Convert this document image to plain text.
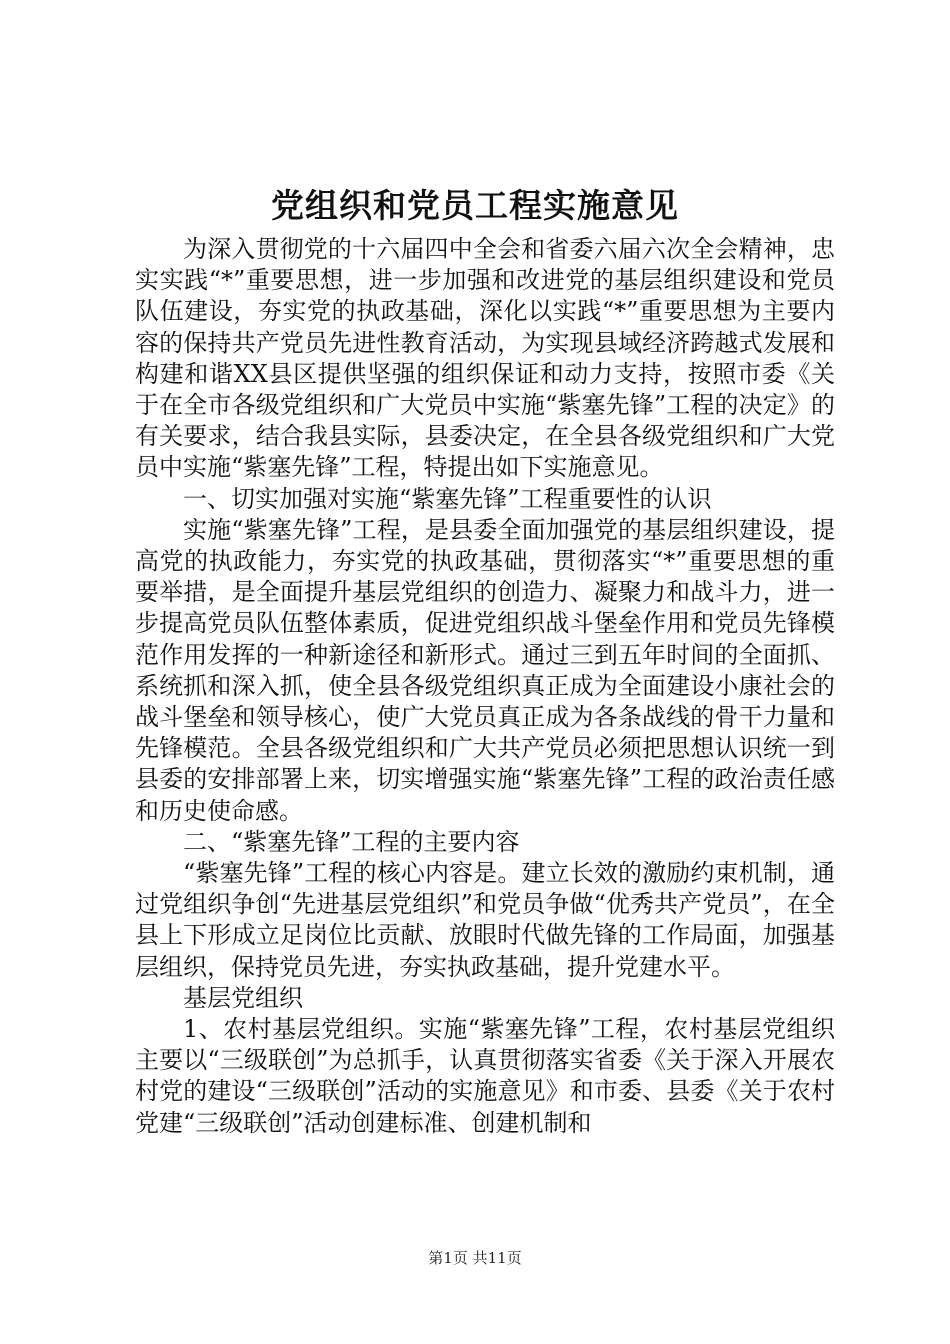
党组织和党员工程实施意见

为深入贯彻党的十六届四中全会和省委六届六次全会精神，忠实实践“*”重要思想，进一步加强和改进党的基层组织建设和党员队伍建设，夯实党的执政基础，深化以实践“*”重要思想为主要内容的保持共产党员先进性教育活动，为实现县域经济跨越式发展和构建和谐XX县区提供坚强的组织保证和动力支持，按照市委《关于在全市各级党组织和广大党员中实施“紫塞先锋”工程的决定》的有关要求，结合我县实际，县委决定，在全县各级党组织和广大党员中实施“紫塞先锋”工程，特提出如下实施意见。

一、切实加强对实施“紫塞先锋”工程重要性的认识

实施“紫塞先锋”工程，是县委全面加强党的基层组织建设，提高党的执政能力，夯实党的执政基础，贯彻落实“*”重要思想的重要举措，是全面提升基层党组织的创造力、凝聚力和战斗力，进一步提高党员队伍整体素质，促进党组织战斗堡垒作用和党员先锋模范作用发挥的一种新途径和新形式。通过三到五年时间的全面抓、系统抓和深入抓，使全县各级党组织真正成为全面建设小康社会的战斗堡垒和领导核心，使广大党员真正成为各条战线的骨干力量和先锋模范。全县各级党组织和广大共产党员必须把思想认识统一到县委的安排部署上来，切实增强实施“紫塞先锋”工程的政治责任感和历史使命感。

二、“紫塞先锋”工程的主要内容

“紫塞先锋”工程的核心内容是。建立长效的激励约束机制，通过党组织争创“先进基层党组织”和党员争做“优秀共产党员”，在全县上下形成立足岗位比贡献、放眼时代做先锋的工作局面，加强基层组织，保持党员先进，夯实执政基础，提升党建水平。

基层党组织

1、农村基层党组织。实施“紫塞先锋”工程，农村基层党组织主要以“三级联创”为总抓手，认真贯彻落实省委《关于深入开展农村党的建设“三级联创”活动的实施意见》和市委、县委《关于农村党建“三级联创”活动创建标准、创建机制和

第1页 共11页
